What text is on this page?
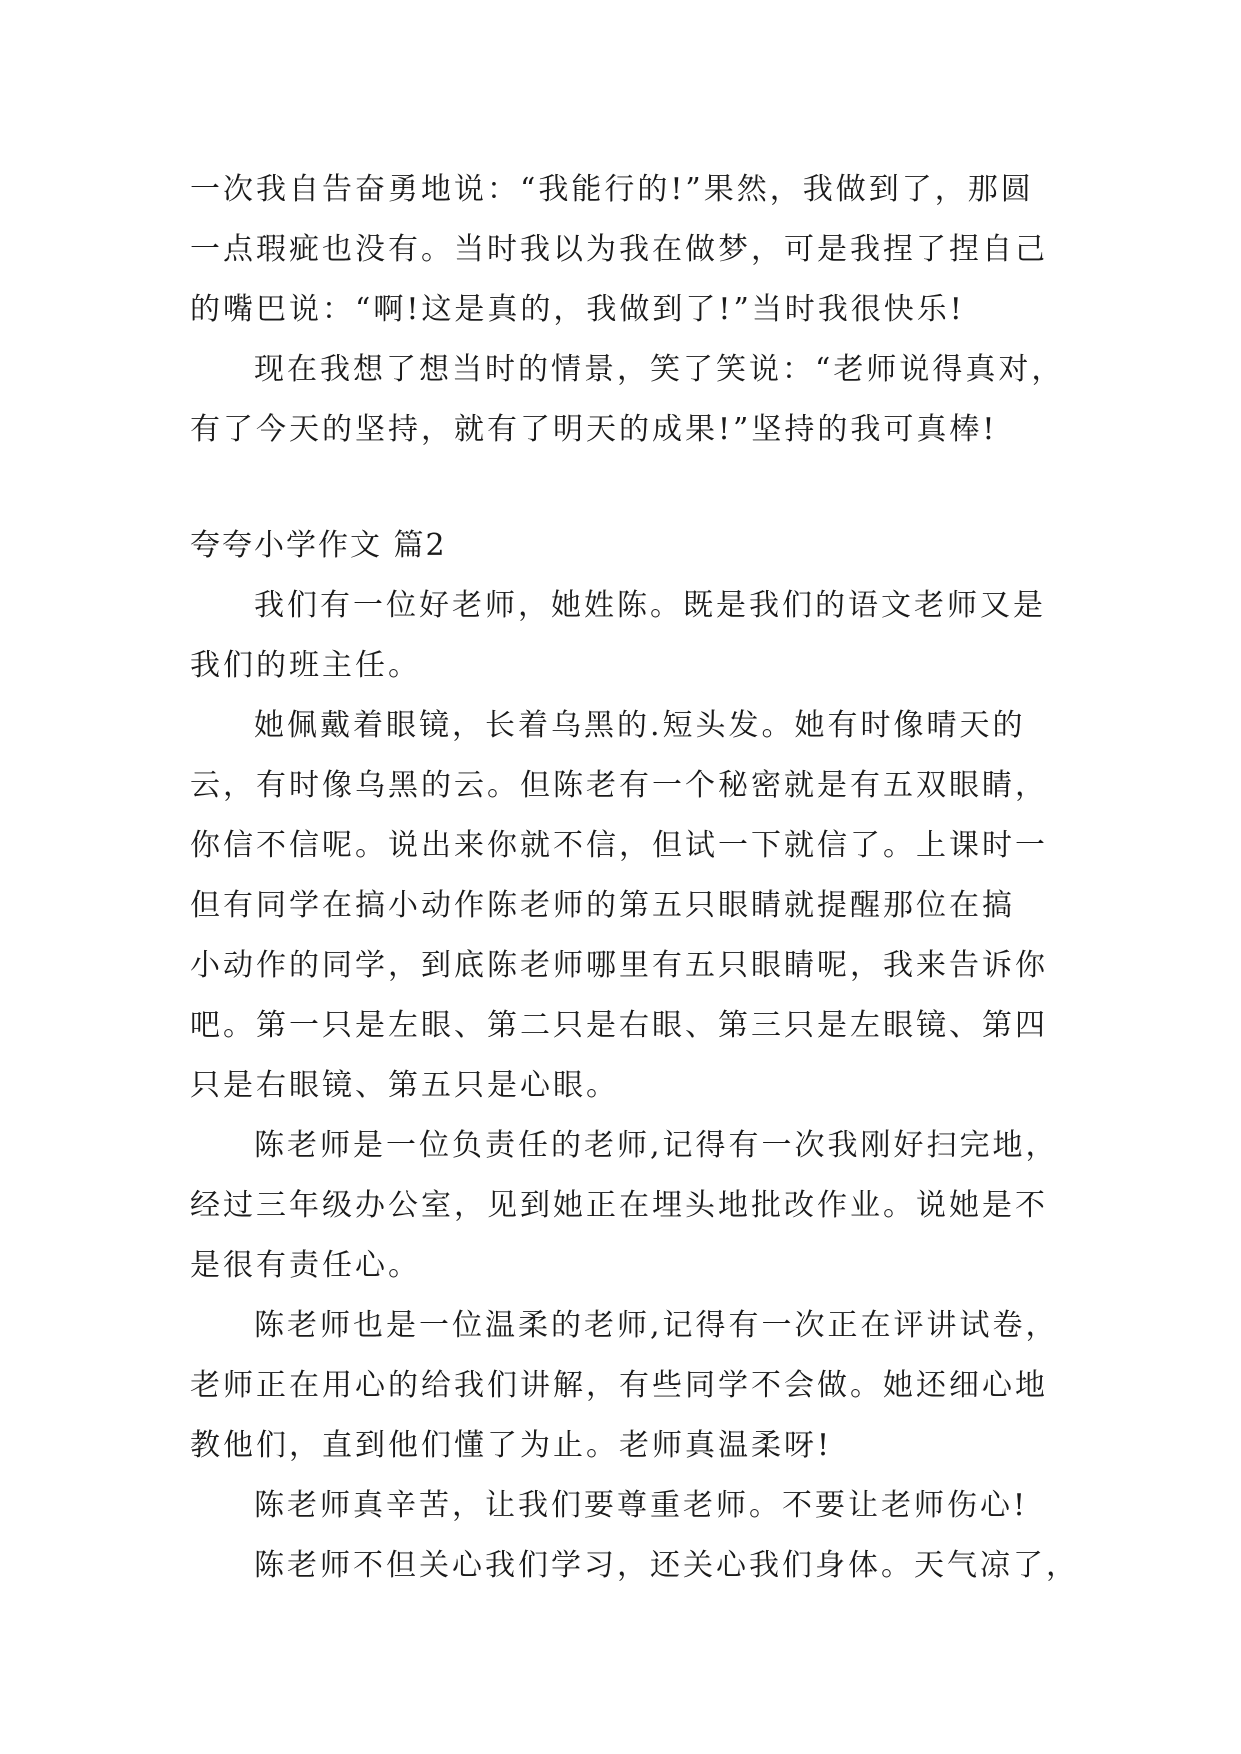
一次我自告奋勇地说：“我能行的!”果然，我做到了，那圆
一点瑕疵也没有。当时我以为我在做梦，可是我捏了捏自己
的嘴巴说：“啊!这是真的，我做到了!”当时我很快乐!
现在我想了想当时的情景，笑了笑说：“老师说得真对，
有了今天的坚持，就有了明天的成果!”坚持的我可真棒!
夸夸小学作文 篇2
我们有一位好老师，她姓陈。既是我们的语文老师又是
我们的班主任。
她佩戴着眼镜，长着乌黑的.短头发。她有时像晴天的
云，有时像乌黑的云。但陈老有一个秘密就是有五双眼睛，
你信不信呢。说出来你就不信，但试一下就信了。上课时一
但有同学在搞小动作陈老师的第五只眼睛就提醒那位在搞
小动作的同学，到底陈老师哪里有五只眼睛呢，我来告诉你
吧。第一只是左眼、第二只是右眼、第三只是左眼镜、第四
只是右眼镜、第五只是心眼。
陈老师是一位负责任的老师,记得有一次我刚好扫完地，
经过三年级办公室，见到她正在埋头地批改作业。说她是不
是很有责任心。
陈老师也是一位温柔的老师,记得有一次正在评讲试卷，
老师正在用心的给我们讲解，有些同学不会做。她还细心地
教他们，直到他们懂了为止。老师真温柔呀!
陈老师真辛苦，让我们要尊重老师。不要让老师伤心!
陈老师不但关心我们学习，还关心我们身体。天气凉了，
